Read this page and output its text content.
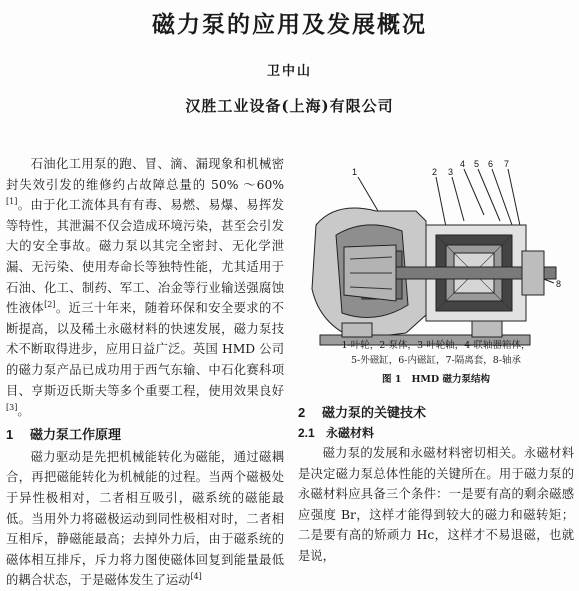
磁力泵的应用及发展概况
卫中山
汉胜工业设备(上海)有限公司

石油化工用泵的跑、冒、滴、漏现象和机械密封失效引发的维修约占故障总量的 50% ～60%[1]。由于化工流体具有有毒、易燃、易爆、易挥发等特性，其泄漏不仅会造成环境污染，甚至会引发大的安全事故。磁力泵以其完全密封、无化学泄漏、无污染、使用寿命长等独特性能，尤其适用于石油、化工、制药、军工、冶金等行业输送强腐蚀性液体[2]。近三十年来，随着环保和安全要求的不断提高，以及稀土永磁材料的快速发展，磁力泵技术不断取得进步，应用日益广泛。英国 HMD 公司的磁力泵产品已成功用于西气东输、中石化赛科项目、亨斯迈氏斯夫等多个重要工程，使用效果良好[3]。

1 磁力泵工作原理

磁力驱动是先把机械能转化为磁能，通过磁耦合，再把磁能转化为机械能的过程。当两个磁极处于异性极相对，二者相互吸引，磁系统的磁能最低。当用外力将磁极运动到同性极相对时，二者相互相斥，静磁能最高；去掉外力后，由于磁系统的磁体相互排斥，斥力将力图使磁体回复到能量最低的耦合状态，于是磁体发生了运动[4]

1	2 3
4 5 6 7
8
1-叶轮，2-泵体，3-叶轮轴，4-联轴器箱体，
5-外磁缸，6-内磁缸，7-隔离套，8-轴承
图 1 HMD 磁力泵结构
2 磁力泵的关键技术
2.1 永磁材料

磁力泵的发展和永磁材料密切相关。永磁材料是决定磁力泵总体性能的关键所在。用于磁力泵的永磁材料应具备三个条件：一是要有高的剩余磁感应强度 Br，这样才能得到较大的磁力和磁转矩；二是要有高的矫顽力 Hc，这样才不易退磁，也就是说，
